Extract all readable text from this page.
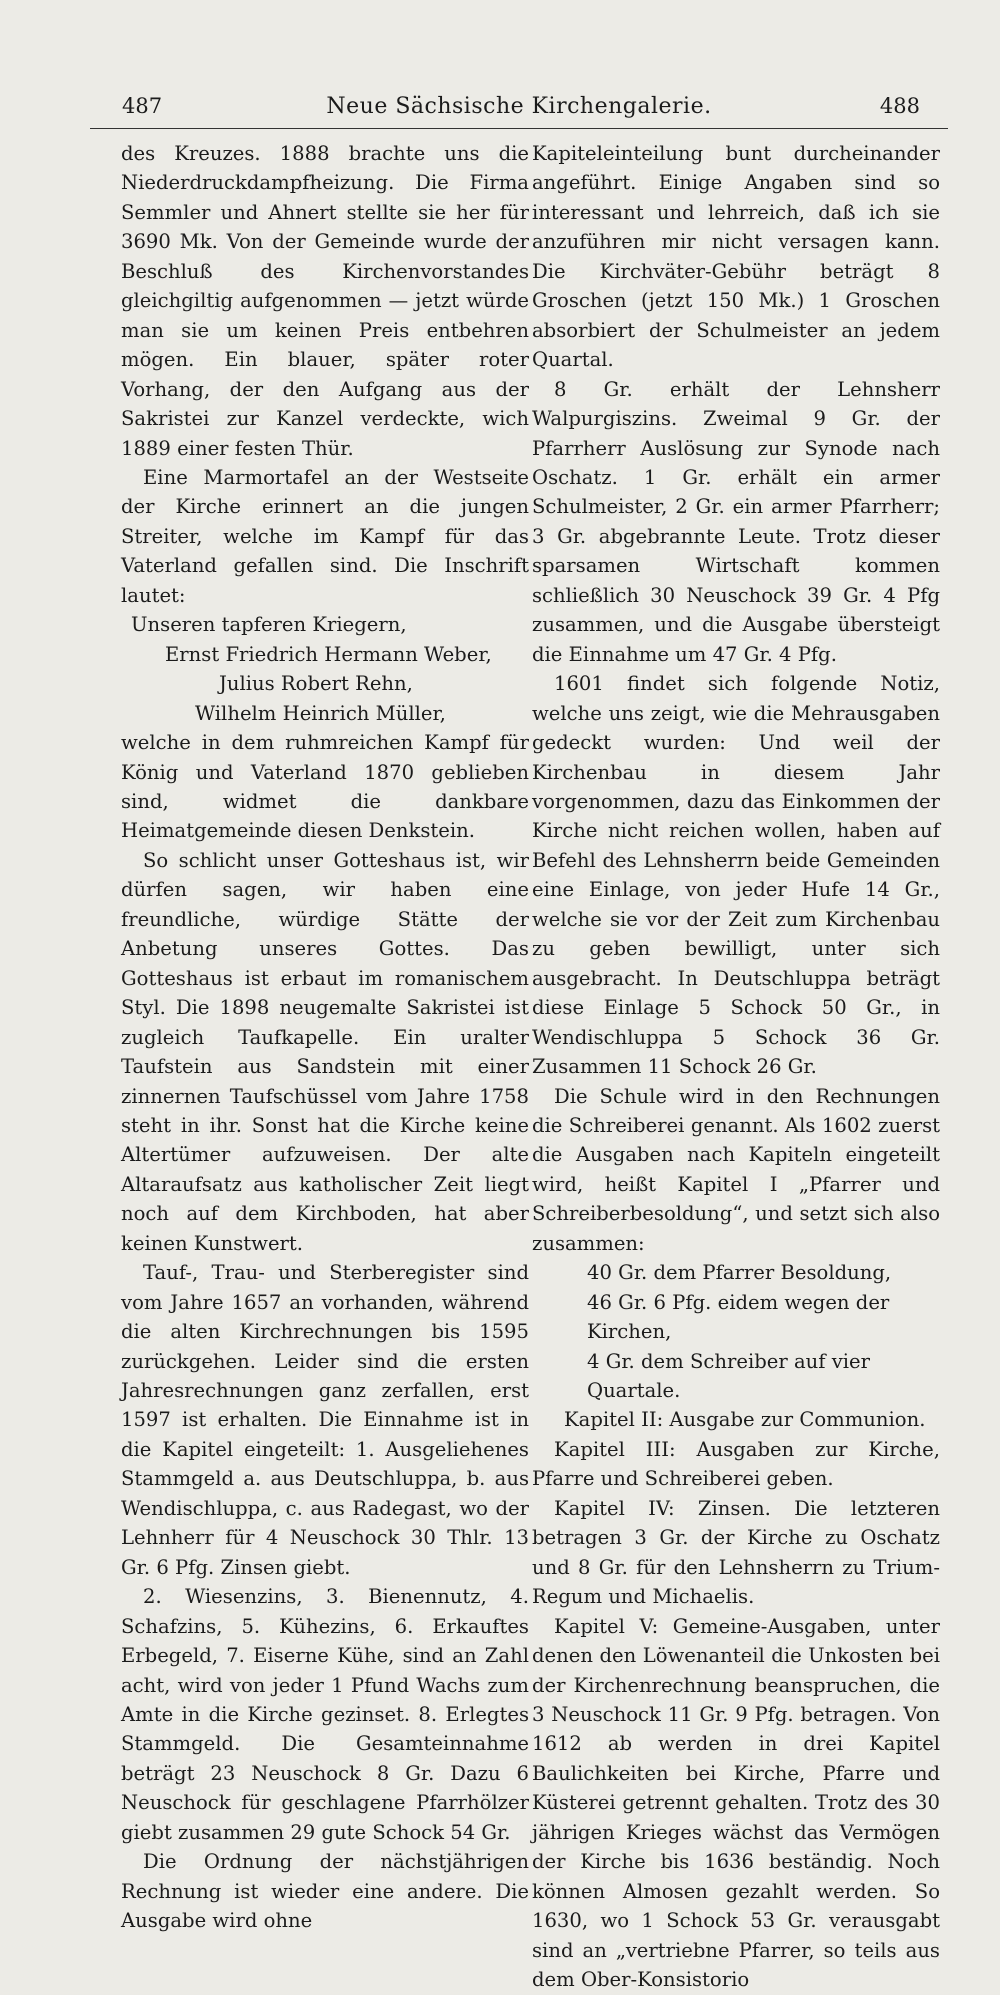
487	Neue Sächsische Kirchengalerie.	488

des Kreuzes. 1888 brachte uns die Niederdruckdampfheizung. Die Firma Semmler und Ahnert stellte sie her für 3690 Mk. Von der Gemeinde wurde der Beschluß des Kirchenvorstandes gleichgiltig aufgenommen — jetzt würde man sie um keinen Preis entbehren mögen. Ein blauer, später roter Vorhang, der den Aufgang aus der Sakristei zur Kanzel verdeckte, wich 1889 einer festen Thür.

Eine Marmortafel an der Westseite der Kirche erinnert an die jungen Streiter, welche im Kampf für das Vaterland gefallen sind. Die Inschrift lautet:

Unseren tapferen Kriegern,
Ernst Friedrich Hermann Weber,
Julius Robert Rehn,
Wilhelm Heinrich Müller,

welche in dem ruhmreichen Kampf für König und Vaterland 1870 geblieben sind, widmet die dankbare Heimatgemeinde diesen Denkstein.

So schlicht unser Gotteshaus ist, wir dürfen sagen, wir haben eine freundliche, würdige Stätte der Anbetung unseres Gottes. Das Gotteshaus ist erbaut im romanischem Styl. Die 1898 neugemalte Sakristei ist zugleich Taufkapelle. Ein uralter Taufstein aus Sandstein mit einer zinnernen Taufschüssel vom Jahre 1758 steht in ihr. Sonst hat die Kirche keine Altertümer aufzuweisen. Der alte Altaraufsatz aus katholischer Zeit liegt noch auf dem Kirchboden, hat aber keinen Kunstwert.

Tauf-, Trau- und Sterberegister sind vom Jahre 1657 an vorhanden, während die alten Kirchrechnungen bis 1595 zurückgehen. Leider sind die ersten Jahresrechnungen ganz zerfallen, erst 1597 ist erhalten. Die Einnahme ist in die Kapitel eingeteilt: 1. Ausgeliehenes Stammgeld a. aus Deutschluppa, b. aus Wendischluppa, c. aus Radegast, wo der Lehnherr für 4 Neuschock 30 Thlr. 13 Gr. 6 Pfg. Zinsen giebt.

2. Wiesenzins, 3. Bienennutz, 4. Schafzins, 5. Kühezins, 6. Erkauftes Erbegeld, 7. Eiserne Kühe, sind an Zahl acht, wird von jeder 1 Pfund Wachs zum Amte in die Kirche gezinset. 8. Erlegtes Stammgeld. Die Gesamteinnahme beträgt 23 Neuschock 8 Gr. Dazu 6 Neuschock für geschlagene Pfarrhölzer giebt zusammen 29 gute Schock 54 Gr.

Die Ordnung der nächstjährigen Rechnung ist wieder eine andere. Die Ausgabe wird ohne

Kapiteleinteilung bunt durcheinander angeführt. Einige Angaben sind so interessant und lehrreich, daß ich sie anzuführen mir nicht versagen kann. Die Kirchväter-Gebühr beträgt 8 Groschen (jetzt 150 Mk.) 1 Groschen absorbiert der Schulmeister an jedem Quartal.

8 Gr. erhält der Lehnsherr Walpurgiszins. Zweimal 9 Gr. der Pfarrherr Auslösung zur Synode nach Oschatz. 1 Gr. erhält ein armer Schulmeister, 2 Gr. ein armer Pfarrherr; 3 Gr. abgebrannte Leute. Trotz dieser sparsamen Wirtschaft kommen schließlich 30 Neuschock 39 Gr. 4 Pfg zusammen, und die Ausgabe übersteigt die Einnahme um 47 Gr. 4 Pfg.

1601 findet sich folgende Notiz, welche uns zeigt, wie die Mehrausgaben gedeckt wurden: Und weil der Kirchenbau in diesem Jahr vorgenommen, dazu das Einkommen der Kirche nicht reichen wollen, haben auf Befehl des Lehnsherrn beide Gemeinden eine Einlage, von jeder Hufe 14 Gr., welche sie vor der Zeit zum Kirchenbau zu geben bewilligt, unter sich ausgebracht. In Deutschluppa beträgt diese Einlage 5 Schock 50 Gr., in Wendischluppa 5 Schock 36 Gr. Zusammen 11 Schock 26 Gr.

Die Schule wird in den Rechnungen die Schreiberei genannt. Als 1602 zuerst die Ausgaben nach Kapiteln eingeteilt wird, heißt Kapitel I „Pfarrer und Schreiberbesoldung“, und setzt sich also zusammen:

40 Gr. dem Pfarrer Besoldung,
46 Gr. 6 Pfg. eidem wegen der Kirchen,
4 Gr. dem Schreiber auf vier Quartale.
Kapitel II: Ausgabe zur Communion.

Kapitel III: Ausgaben zur Kirche, Pfarre und Schreiberei geben.

Kapitel IV: Zinsen. Die letzteren betragen 3 Gr. der Kirche zu Oschatz und 8 Gr. für den Lehnsherrn zu Trium-Regum und Michaelis.

Kapitel V: Gemeine-Ausgaben, unter denen den Löwenanteil die Unkosten bei der Kirchenrechnung beanspruchen, die 3 Neuschock 11 Gr. 9 Pfg. betragen. Von 1612 ab werden in drei Kapitel Baulichkeiten bei Kirche, Pfarre und Küsterei getrennt gehalten. Trotz des 30 jährigen Krieges wächst das Vermögen der Kirche bis 1636 beständig. Noch können Almosen gezahlt werden. So 1630, wo 1 Schock 53 Gr. verausgabt sind an „vertriebne Pfarrer, so teils aus dem Ober-Konsistorio
